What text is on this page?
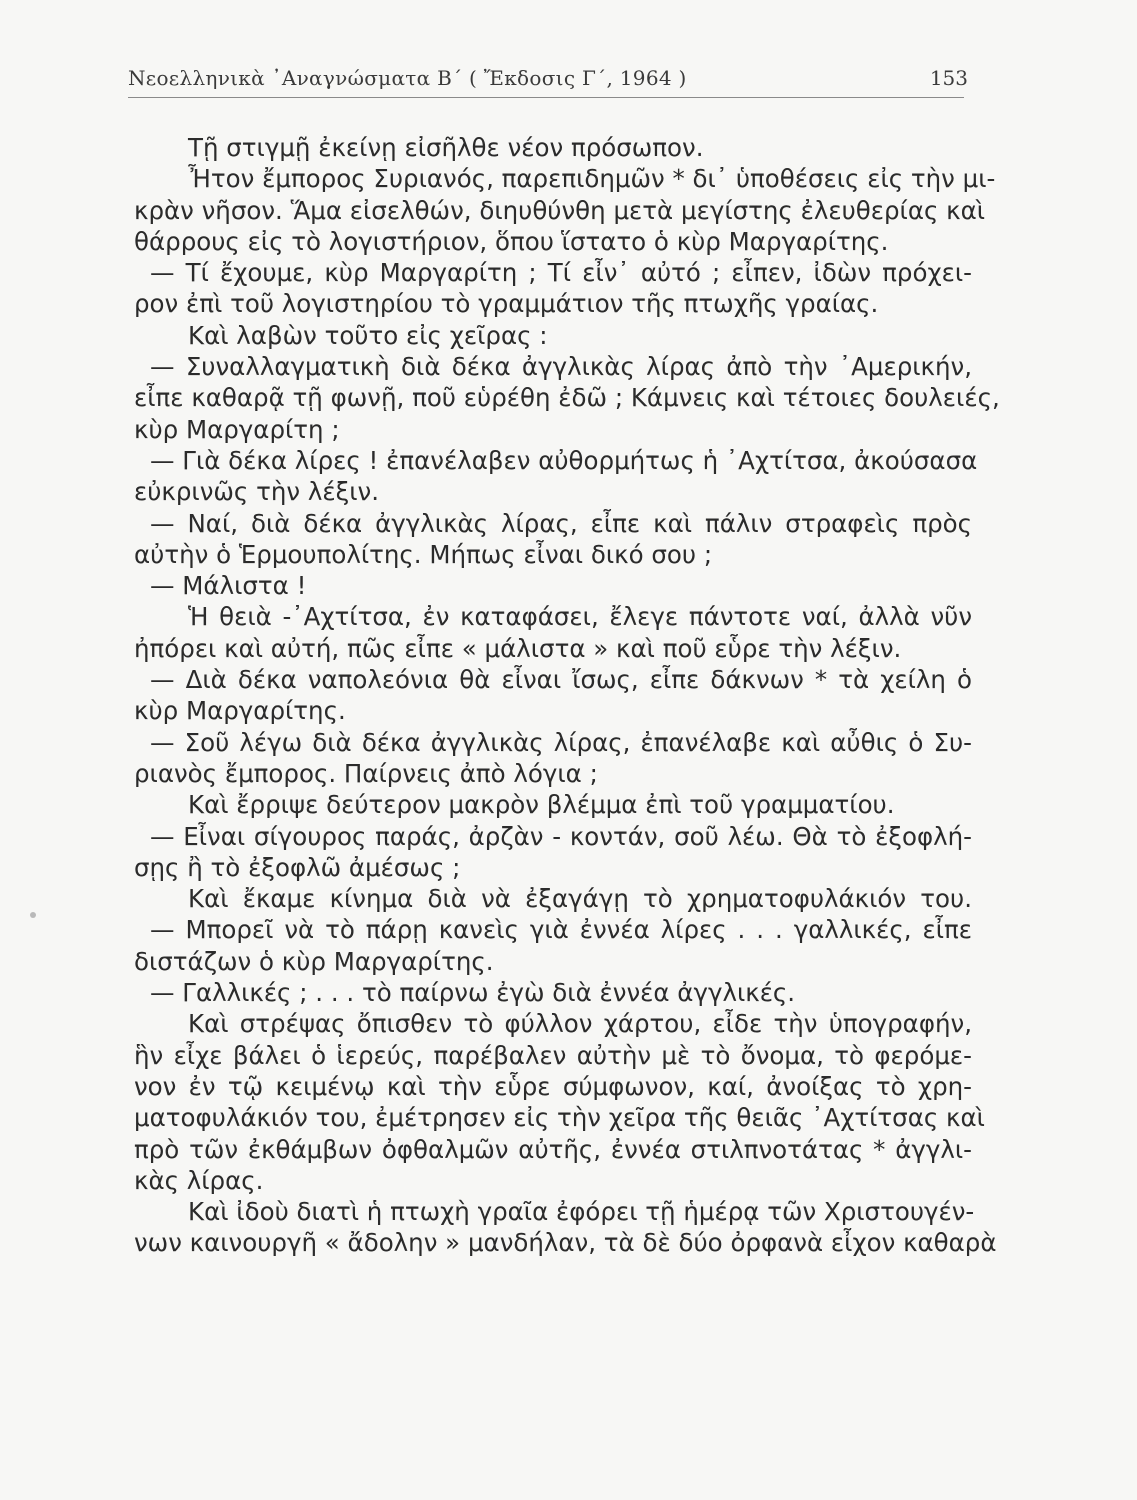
Νεοελληνικὰ ᾿Αναγνώσματα Β΄ ( Ἔκδοσις Γ΄, 1964 )	153
Τῇ στιγμῇ ἐκείνῃ εἰσῆλθε νέον πρόσωπον.
Ἦτον ἔμπορος Συριανός, παρεπιδημῶν * δι᾿ ὑποθέσεις εἰς τὴν μι-
κρὰν νῆσον. Ἅμα εἰσελθών, διηυθύνθη μετὰ μεγίστης ἐλευθερίας καὶ
θάρρους εἰς τὸ λογιστήριον, ὅπου ἵστατο ὁ κὺρ Μαργαρίτης.
— Τί ἔχουμε, κὺρ Μαργαρίτη ; Τί εἶν᾿ αὐτό ; εἶπεν, ἰδὼν πρόχει-
ρον ἐπὶ τοῦ λογιστηρίου τὸ γραμμάτιον τῆς πτωχῆς γραίας.
Καὶ λαβὼν τοῦτο εἰς χεῖρας :
— Συναλλαγματικὴ διὰ δέκα ἀγγλικὰς λίρας ἀπὸ τὴν ᾿Αμερικήν,
εἶπε καθαρᾷ τῇ φωνῇ, ποῦ εὑρέθη ἐδῶ ; Κάμνεις καὶ τέτοιες δουλειές,
κὺρ Μαργαρίτη ;
— Γιὰ δέκα λίρες ! ἐπανέλαβεν αὐθορμήτως ἡ ᾿Αχτίτσα, ἀκούσασα
εὐκρινῶς τὴν λέξιν.
— Ναί, διὰ δέκα ἀγγλικὰς λίρας, εἶπε καὶ πάλιν στραφεὶς πρὸς
αὐτὴν ὁ Ἑρμουπολίτης. Μήπως εἶναι δικό σου ;
— Μάλιστα !
Ἡ θειὰ -᾿Αχτίτσα, ἐν καταφάσει, ἔλεγε πάντοτε ναί, ἀλλὰ νῦν
ἠπόρει καὶ αὐτή, πῶς εἶπε « μάλιστα » καὶ ποῦ εὗρε τὴν λέξιν.
— Διὰ δέκα ναπολεόνια θὰ εἶναι ἴσως, εἶπε δάκνων * τὰ χείλη ὁ
κὺρ Μαργαρίτης.
— Σοῦ λέγω διὰ δέκα ἀγγλικὰς λίρας, ἐπανέλαβε καὶ αὖθις ὁ Συ-
ριανὸς ἔμπορος. Παίρνεις ἀπὸ λόγια ;
Καὶ ἔρριψε δεύτερον μακρὸν βλέμμα ἐπὶ τοῦ γραμματίου.
— Εἶναι σίγουρος παράς, ἀρζὰν - κοντάν, σοῦ λέω. Θὰ τὸ ἐξοφλή-
σῃς ἢ τὸ ἐξοφλῶ ἀμέσως ;
Καὶ ἔκαμε κίνημα διὰ νὰ ἐξαγάγῃ τὸ χρηματοφυλάκιόν του.
— Μπορεῖ νὰ τὸ πάρῃ κανεὶς γιὰ ἐννέα λίρες . . . γαλλικές, εἶπε
διστάζων ὁ κὺρ Μαργαρίτης.
— Γαλλικές ; . . . τὸ παίρνω ἐγὼ διὰ ἐννέα ἀγγλικές.
Καὶ στρέψας ὄπισθεν τὸ φύλλον χάρτου, εἶδε τὴν ὑπογραφήν,
ἣν εἶχε βάλει ὁ ἱερεύς, παρέβαλεν αὐτὴν μὲ τὸ ὄνομα, τὸ φερόμε-
νον ἐν τῷ κειμένῳ καὶ τὴν εὗρε σύμφωνον, καί, ἀνοίξας τὸ χρη-
ματοφυλάκιόν του, ἐμέτρησεν εἰς τὴν χεῖρα τῆς θειᾶς ᾿Αχτίτσας καὶ
πρὸ τῶν ἐκθάμβων ὀφθαλμῶν αὐτῆς, ἐννέα στιλπνοτάτας * ἀγγλι-
κὰς λίρας.
Καὶ ἰδοὺ διατὶ ἡ πτωχὴ γραῖα ἐφόρει τῇ ἡμέρᾳ τῶν Χριστουγέν-
νων καινουργῆ « ἄδολην » μανδήλαν, τὰ δὲ δύο ὀρφανὰ εἶχον καθαρὰ
